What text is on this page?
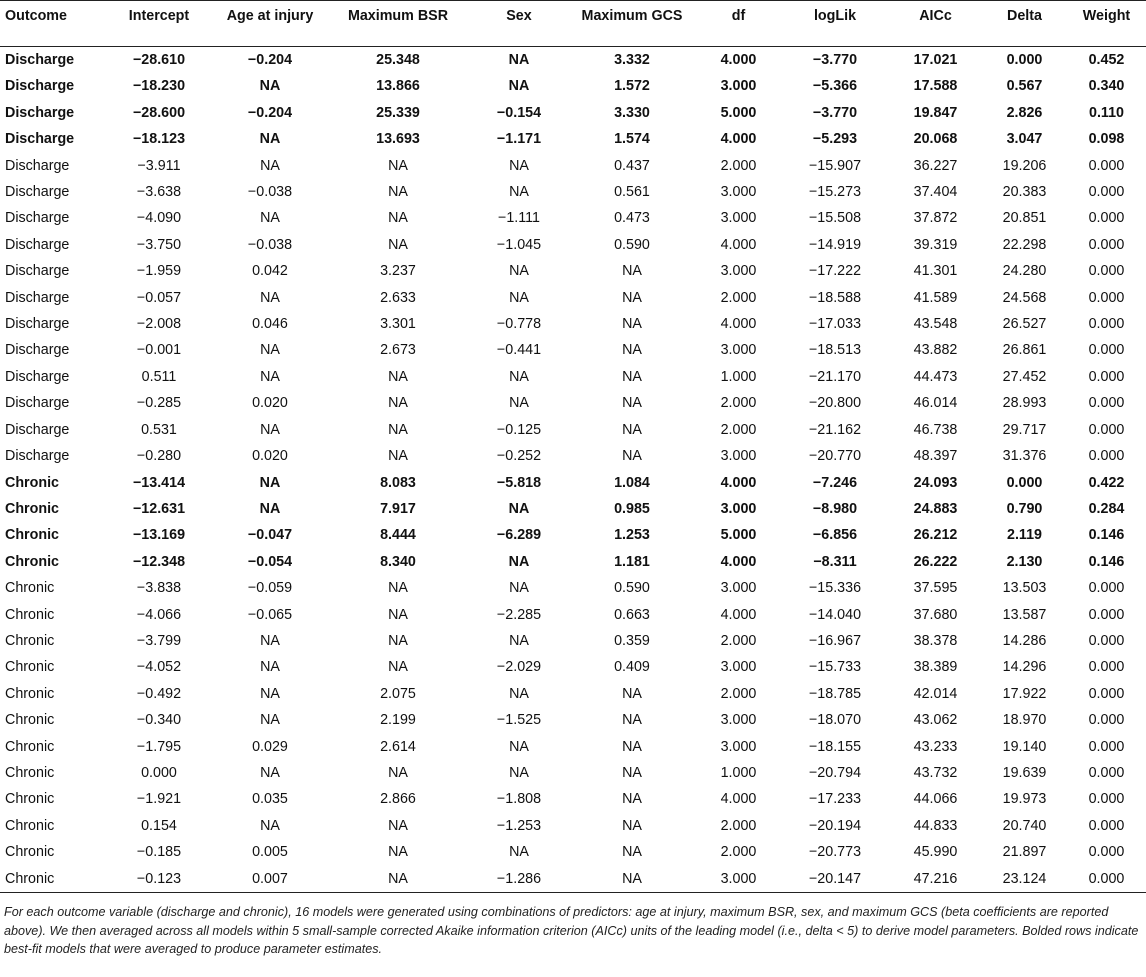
Outcome	Intercept	Age at injury	Maximum BSR	Sex	Maximum GCS	df	logLik	AICc	Delta	Weight
Discharge	−28.610	−0.204	25.348	NA	3.332	4.000	−3.770	17.021	0.000	0.452
Discharge	−18.230	NA	13.866	NA	1.572	3.000	−5.366	17.588	0.567	0.340
Discharge	−28.600	−0.204	25.339	−0.154	3.330	5.000	−3.770	19.847	2.826	0.110
Discharge	−18.123	NA	13.693	−1.171	1.574	4.000	−5.293	20.068	3.047	0.098
Discharge	−3.911	NA	NA	NA	0.437	2.000	−15.907	36.227	19.206	0.000
Discharge	−3.638	−0.038	NA	NA	0.561	3.000	−15.273	37.404	20.383	0.000
Discharge	−4.090	NA	NA	−1.111	0.473	3.000	−15.508	37.872	20.851	0.000
Discharge	−3.750	−0.038	NA	−1.045	0.590	4.000	−14.919	39.319	22.298	0.000
Discharge	−1.959	0.042	3.237	NA	NA	3.000	−17.222	41.301	24.280	0.000
Discharge	−0.057	NA	2.633	NA	NA	2.000	−18.588	41.589	24.568	0.000
Discharge	−2.008	0.046	3.301	−0.778	NA	4.000	−17.033	43.548	26.527	0.000
Discharge	−0.001	NA	2.673	−0.441	NA	3.000	−18.513	43.882	26.861	0.000
Discharge	0.511	NA	NA	NA	NA	1.000	−21.170	44.473	27.452	0.000
Discharge	−0.285	0.020	NA	NA	NA	2.000	−20.800	46.014	28.993	0.000
Discharge	0.531	NA	NA	−0.125	NA	2.000	−21.162	46.738	29.717	0.000
Discharge	−0.280	0.020	NA	−0.252	NA	3.000	−20.770	48.397	31.376	0.000
Chronic	−13.414	NA	8.083	−5.818	1.084	4.000	−7.246	24.093	0.000	0.422
Chronic	−12.631	NA	7.917	NA	0.985	3.000	−8.980	24.883	0.790	0.284
Chronic	−13.169	−0.047	8.444	−6.289	1.253	5.000	−6.856	26.212	2.119	0.146
Chronic	−12.348	−0.054	8.340	NA	1.181	4.000	−8.311	26.222	2.130	0.146
Chronic	−3.838	−0.059	NA	NA	0.590	3.000	−15.336	37.595	13.503	0.000
Chronic	−4.066	−0.065	NA	−2.285	0.663	4.000	−14.040	37.680	13.587	0.000
Chronic	−3.799	NA	NA	NA	0.359	2.000	−16.967	38.378	14.286	0.000
Chronic	−4.052	NA	NA	−2.029	0.409	3.000	−15.733	38.389	14.296	0.000
Chronic	−0.492	NA	2.075	NA	NA	2.000	−18.785	42.014	17.922	0.000
Chronic	−0.340	NA	2.199	−1.525	NA	3.000	−18.070	43.062	18.970	0.000
Chronic	−1.795	0.029	2.614	NA	NA	3.000	−18.155	43.233	19.140	0.000
Chronic	0.000	NA	NA	NA	NA	1.000	−20.794	43.732	19.639	0.000
Chronic	−1.921	0.035	2.866	−1.808	NA	4.000	−17.233	44.066	19.973	0.000
Chronic	0.154	NA	NA	−1.253	NA	2.000	−20.194	44.833	20.740	0.000
Chronic	−0.185	0.005	NA	NA	NA	2.000	−20.773	45.990	21.897	0.000
Chronic	−0.123	0.007	NA	−1.286	NA	3.000	−20.147	47.216	23.124	0.000
For each outcome variable (discharge and chronic), 16 models were generated using combinations of predictors: age at injury, maximum BSR, sex, and maximum GCS (beta coefficients are reported above). We then averaged across all models within 5 small-sample corrected Akaike information criterion (AICc) units of the leading model (i.e., delta < 5) to derive model parameters. Bolded rows indicate best-fit models that were averaged to produce parameter estimates.
